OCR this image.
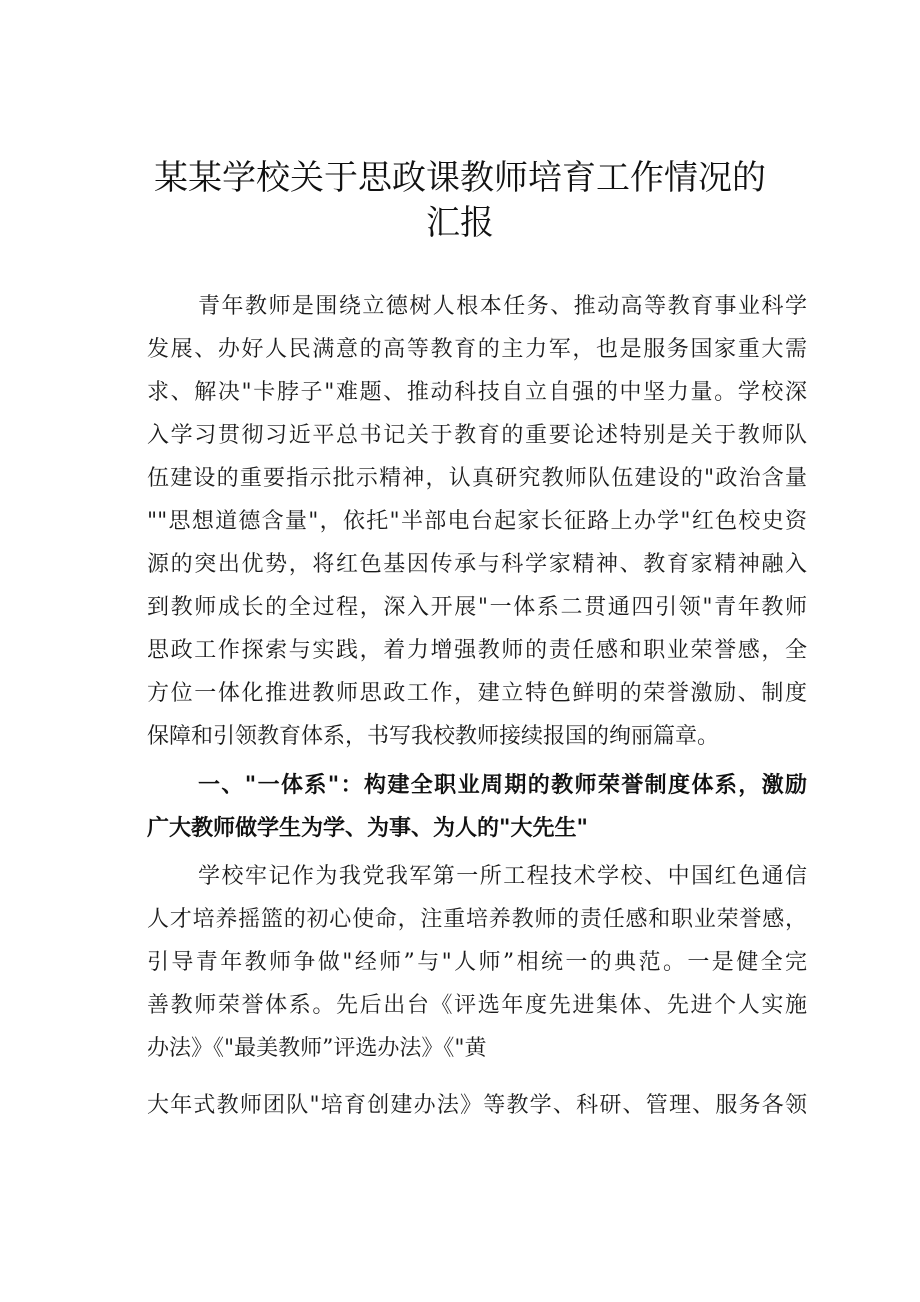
某某学校关于思政课教师培育工作情况的
汇报

青年教师是围绕立德树人根本任务、推动高等教育事业科学

发展、办好人民满意的高等教育的主力军，也是服务国家重大需

求、解决"卡脖子"难题、推动科技自立自强的中坚力量。学校深

入学习贯彻习近平总书记关于教育的重要论述特别是关于教师队

伍建设的重要指示批示精神，认真研究教师队伍建设的"政治含量

""思想道德含量"，依托"半部电台起家长征路上办学"红色校史资

源的突出优势，将红色基因传承与科学家精神、教育家精神融入

到教师成长的全过程，深入开展"一体系二贯通四引领"青年教师

思政工作探索与实践，着力增强教师的责任感和职业荣誉感，全

方位一体化推进教师思政工作，建立特色鲜明的荣誉激励、制度

保障和引领教育体系，书写我校教师接续报国的绚丽篇章。

一、"一体系"：构建全职业周期的教师荣誉制度体系，激励

广大教师做学生为学、为事、为人的"大先生"

学校牢记作为我党我军第一所工程技术学校、中国红色通信

人才培养摇篮的初心使命，注重培养教师的责任感和职业荣誉感，

引导青年教师争做"经师”与"人师”相统一的典范。一是健全完

善教师荣誉体系。先后出台《评选年度先进集体、先进个人实施

办法》《"最美教师”评选办法》《"黄

大年式教师团队"培育创建办法》等教学、科研、管理、服务各领
